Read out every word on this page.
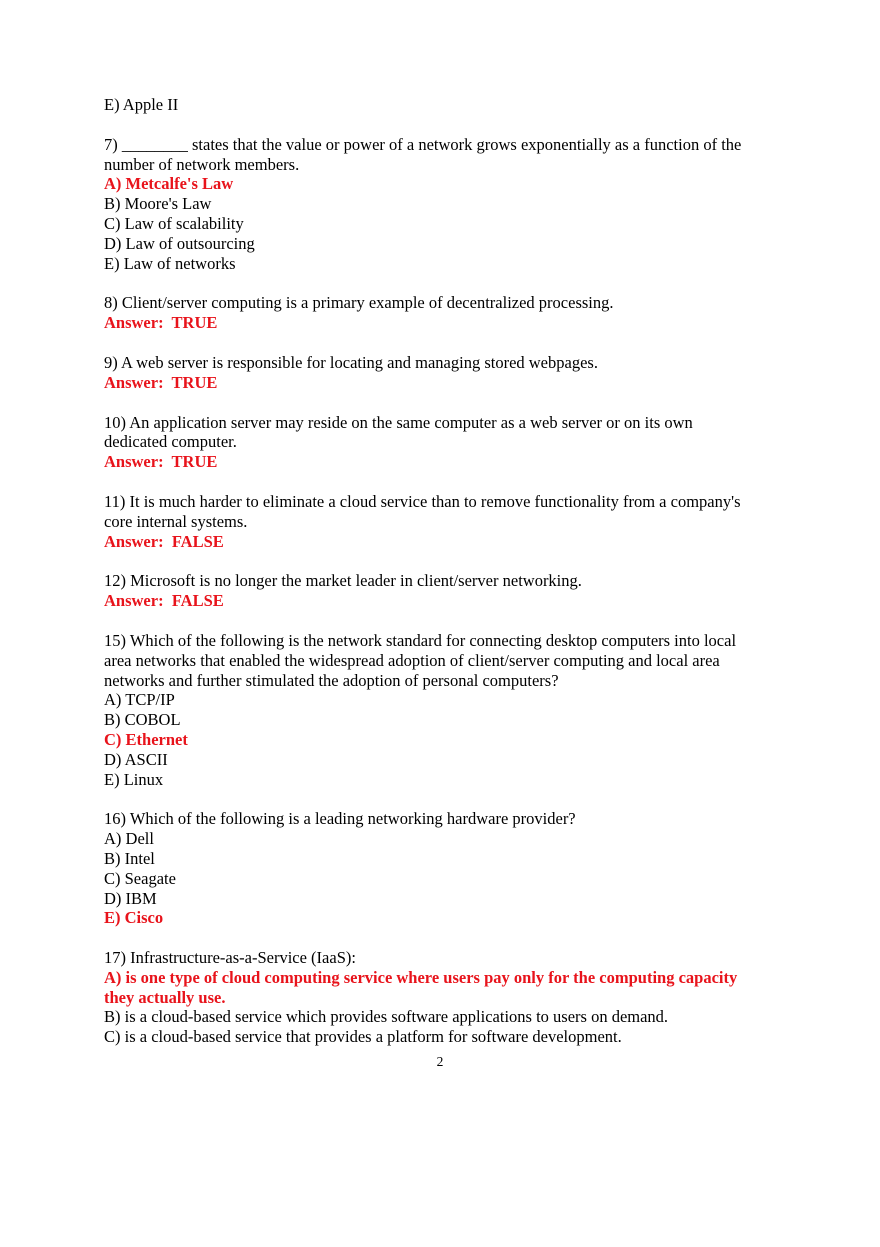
E) Apple II
7) ________ states that the value or power of a network grows exponentially as a function of the
number of network members.
A) Metcalfe's Law
B) Moore's Law
C) Law of scalability
D) Law of outsourcing
E) Law of networks
8) Client/server computing is a primary example of decentralized processing.
Answer:  TRUE
9) A web server is responsible for locating and managing stored webpages.
Answer:  TRUE
10) An application server may reside on the same computer as a web server or on its own
dedicated computer.
Answer:  TRUE
11) It is much harder to eliminate a cloud service than to remove functionality from a company's
core internal systems.
Answer:  FALSE
12) Microsoft is no longer the market leader in client/server networking.
Answer:  FALSE
15) Which of the following is the network standard for connecting desktop computers into local
area networks that enabled the widespread adoption of client/server computing and local area
networks and further stimulated the adoption of personal computers?
A) TCP/IP
B) COBOL
C) Ethernet
D) ASCII
E) Linux
16) Which of the following is a leading networking hardware provider?
A) Dell
B) Intel
C) Seagate
D) IBM
E) Cisco
17) Infrastructure-as-a-Service (IaaS):
A) is one type of cloud computing service where users pay only for the computing capacity
they actually use.
B) is a cloud-based service which provides software applications to users on demand.
C) is a cloud-based service that provides a platform for software development.
2
